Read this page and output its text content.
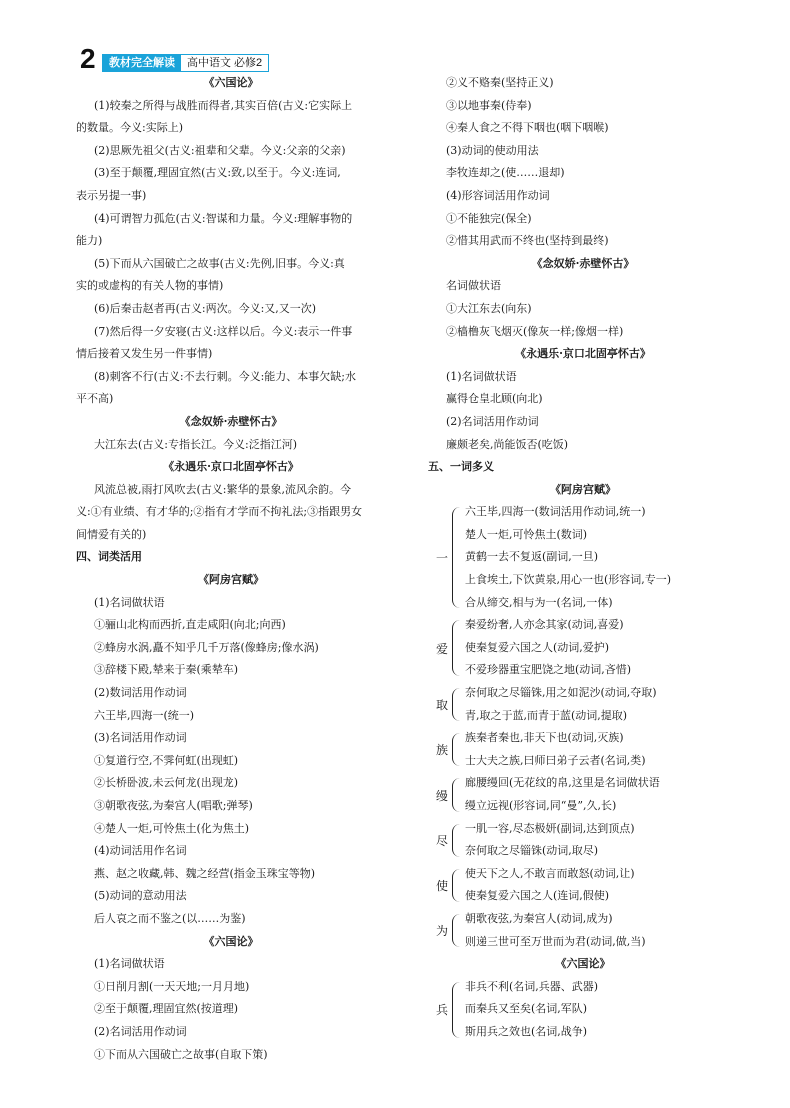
2	教材完全解读	高中语文 必修2
《六国论》
(1)较秦之所得与战胜而得者,其实百倍(古义:它实际上
的数量。今义:实际上)
(2)思厥先祖父(古义:祖辈和父辈。今义:父亲的父亲)
(3)至于颠覆,理固宜然(古义:致,以至于。今义:连词,
表示另提一事)
(4)可谓智力孤危(古义:智谋和力量。今义:理解事物的
能力)
(5)下而从六国破亡之故事(古义:先例,旧事。今义:真
实的或虚构的有关人物的事情)
(6)后秦击赵者再(古义:两次。今义:又,又一次)
(7)然后得一夕安寝(古义:这样以后。今义:表示一件事
情后接着又发生另一件事情)
(8)刺客不行(古义:不去行刺。今义:能力、本事欠缺;水
平不高)
《念奴娇·赤壁怀古》
大江东去(古义:专指长江。今义:泛指江河)
《永遇乐·京口北固亭怀古》
风流总被,雨打风吹去(古义:繁华的景象,流风余韵。今
义:①有业绩、有才华的;②指有才学而不拘礼法;③指跟男女
间情爱有关的)
四、词类活用
《阿房宫赋》
(1)名词做状语
①骊山北构而西折,直走咸阳(向北;向西)
②蜂房水涡,矗不知乎几千万落(像蜂房;像水涡)
③辞楼下殿,辇来于秦(乘辇车)
(2)数词活用作动词
六王毕,四海一(统一)
(3)名词活用作动词
①复道行空,不霁何虹(出现虹)
②长桥卧波,未云何龙(出现龙)
③朝歌夜弦,为秦宫人(唱歌;弹琴)
④楚人一炬,可怜焦土(化为焦土)
(4)动词活用作名词
燕、赵之收藏,韩、魏之经营(指金玉珠宝等物)
(5)动词的意动用法
后人哀之而不鉴之(以……为鉴)
《六国论》
(1)名词做状语
①日削月割(一天天地;一月月地)
②至于颠覆,理固宜然(按道理)
(2)名词活用作动词
①下而从六国破亡之故事(自取下策)
②义不赂秦(坚持正义)
③以地事秦(侍奉)
④秦人食之不得下咽也(咽下咽喉)
(3)动词的使动用法
李牧连却之(使……退却)
(4)形容词活用作动词
①不能独完(保全)
②惜其用武而不终也(坚持到最终)
《念奴娇·赤壁怀古》
名词做状语
①大江东去(向东)
②樯橹灰飞烟灭(像灰一样;像烟一样)
《永遇乐·京口北固亭怀古》
(1)名词做状语
赢得仓皇北顾(向北)
(2)名词活用作动词
廉颇老矣,尚能饭否(吃饭)
五、一词多义
《阿房宫赋》
一
六王毕,四海一(数词活用作动词,统一)
楚人一炬,可怜焦土(数词)
黄鹤一去不复返(副词,一旦)
上食埃土,下饮黄泉,用心一也(形容词,专一)
合从缔交,相与为一(名词,一体)
爱
秦爱纷奢,人亦念其家(动词,喜爱)
使秦复爱六国之人(动词,爱护)
不爱珍器重宝肥饶之地(动词,吝惜)
取
奈何取之尽锱铢,用之如泥沙(动词,夺取)
青,取之于蓝,而青于蓝(动词,提取)
族
族秦者秦也,非天下也(动词,灭族)
士大夫之族,曰师曰弟子云者(名词,类)
缦
廊腰缦回(无花纹的帛,这里是名词做状语
缦立远视(形容词,同“曼”,久,长)
尽
一肌一容,尽态极妍(副词,达到顶点)
奈何取之尽锱铢(动词,取尽)
使
使天下之人,不敢言而敢怒(动词,让)
使秦复爱六国之人(连词,假使)
为
朝歌夜弦,为秦宫人(动词,成为)
则递三世可至万世而为君(动词,做,当)
《六国论》
兵
非兵不利(名词,兵器、武器)
而秦兵又至矣(名词,军队)
斯用兵之效也(名词,战争)
